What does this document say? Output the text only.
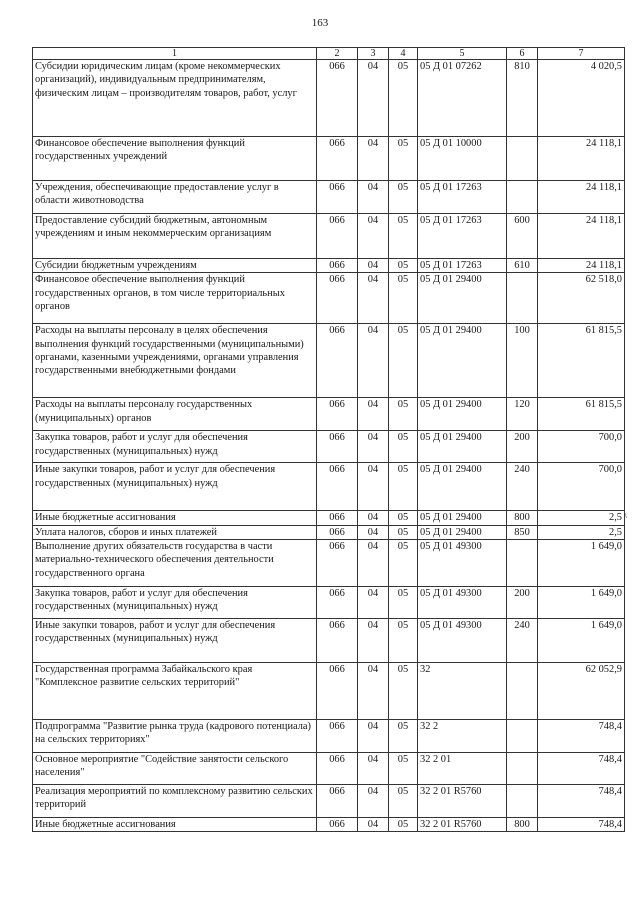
163
1	2	3	4	5	6	7
Субсидии юридическим лицам (кроме некоммерческих организаций), индивидуальным предпринимателям, физическим лицам – производителям товаров, работ, услуг	066	04	05	05 Д 01 07262	810	4 020,5
Финансовое обеспечение выполнения функций государственных учреждений	066	04	05	05 Д 01 10000		24 118,1
Учреждения, обеспечивающие предоставление услуг в области животноводства	066	04	05	05 Д 01 17263		24 118,1
Предоставление субсидий бюджетным, автономным учреждениям и иным некоммерческим организациям	066	04	05	05 Д 01 17263	600	24 118,1
Субсидии бюджетным учреждениям	066	04	05	05 Д 01 17263	610	24 118,1
Финансовое обеспечение выполнения функций государственных органов, в том числе территориальных органов	066	04	05	05 Д 01 29400		62 518,0
Расходы на выплаты персоналу в целях обеспечения выполнения функций государственными (муниципальными) органами, казенными учреждениями, органами управления государственными внебюджетными фондами	066	04	05	05 Д 01 29400	100	61 815,5
Расходы на выплаты персоналу государственных (муниципальных) органов	066	04	05	05 Д 01 29400	120	61 815,5
Закупка товаров, работ и услуг для обеспечения государственных (муниципальных) нужд	066	04	05	05 Д 01 29400	200	700,0
Иные закупки товаров, работ и услуг для обеспечения государственных (муниципальных) нужд	066	04	05	05 Д 01 29400	240	700,0
Иные бюджетные ассигнования	066	04	05	05 Д 01 29400	800	2,5
Уплата налогов, сборов и иных платежей	066	04	05	05 Д 01 29400	850	2,5
Выполнение других обязательств государства в части материально-технического обеспечения деятельности государственного органа	066	04	05	05 Д 01 49300		1 649,0
Закупка товаров, работ и услуг для обеспечения государственных (муниципальных) нужд	066	04	05	05 Д 01 49300	200	1 649,0
Иные закупки товаров, работ и услуг для обеспечения государственных (муниципальных) нужд	066	04	05	05 Д 01 49300	240	1 649,0
Государственная программа Забайкальского края "Комплексное развитие сельских территорий"	066	04	05	32		62 052,9
Подпрограмма "Развитие рынка труда (кадрового потенциала) на сельских территориях"	066	04	05	32 2		748,4
Основное мероприятие "Содействие занятости сельского населения"	066	04	05	32 2 01		748,4
Реализация мероприятий по комплексному развитию сельских территорий	066	04	05	32 2 01 R5760		748,4
Иные бюджетные ассигнования	066	04	05	32 2 01 R5760	800	748,4
\
